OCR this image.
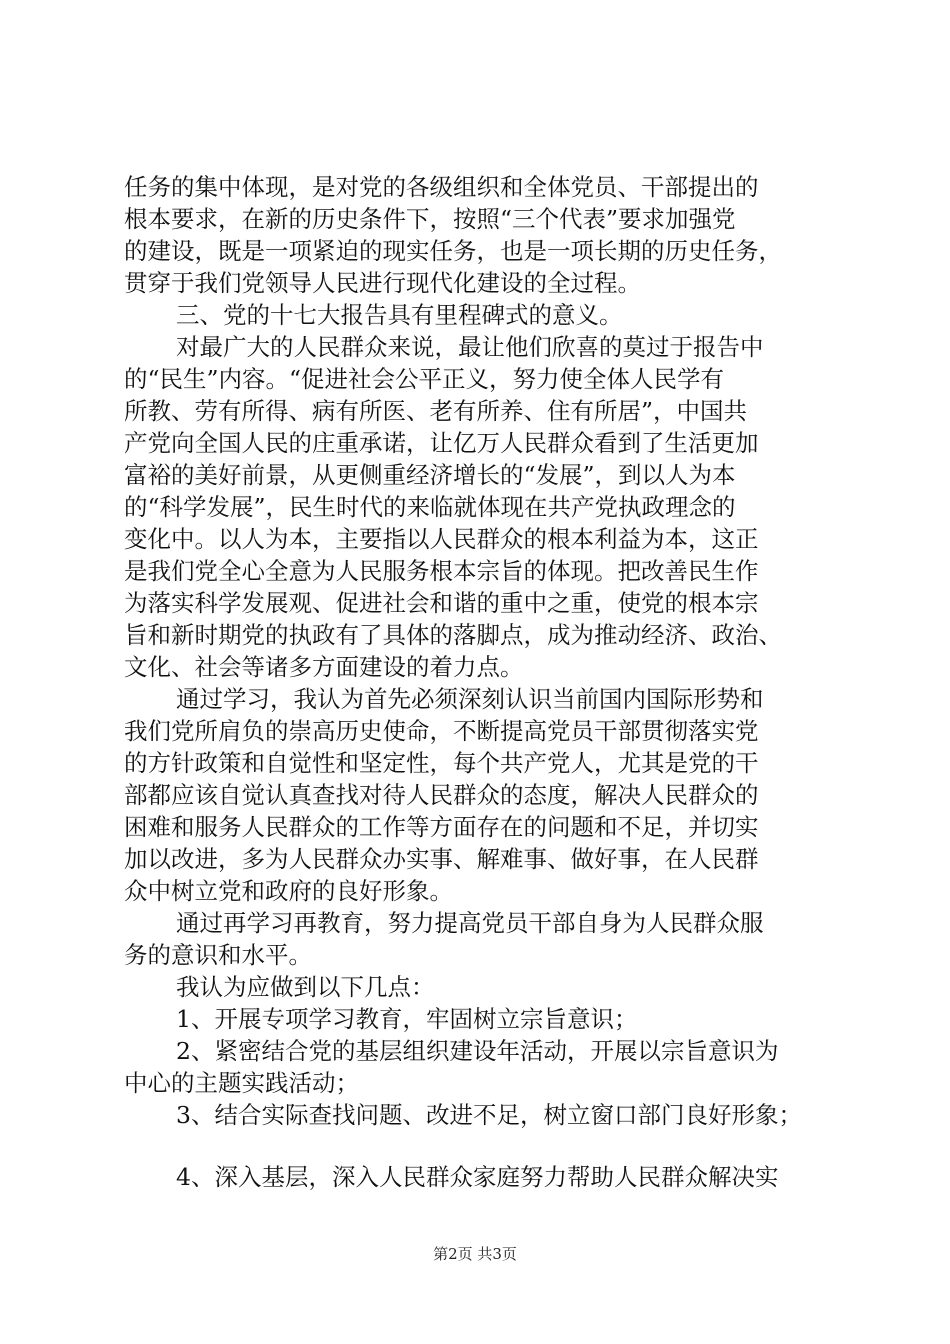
任务的集中体现，是对党的各级组织和全体党员、干部提出的
根本要求，在新的历史条件下，按照“三个代表”要求加强党
的建设，既是一项紧迫的现实任务，也是一项长期的历史任务，
贯穿于我们党领导人民进行现代化建设的全过程。
三、党的十七大报告具有里程碑式的意义。
对最广大的人民群众来说，最让他们欣喜的莫过于报告中
的“民生”内容。“促进社会公平正义，努力使全体人民学有
所教、劳有所得、病有所医、老有所养、住有所居”，中国共
产党向全国人民的庄重承诺，让亿万人民群众看到了生活更加
富裕的美好前景，从更侧重经济增长的“发展”，到以人为本
的“科学发展”，民生时代的来临就体现在共产党执政理念的
变化中。以人为本，主要指以人民群众的根本利益为本，这正
是我们党全心全意为人民服务根本宗旨的体现。把改善民生作
为落实科学发展观、促进社会和谐的重中之重，使党的根本宗
旨和新时期党的执政有了具体的落脚点，成为推动经济、政治、
文化、社会等诸多方面建设的着力点。
通过学习，我认为首先必须深刻认识当前国内国际形势和
我们党所肩负的崇高历史使命，不断提高党员干部贯彻落实党
的方针政策和自觉性和坚定性，每个共产党人，尤其是党的干
部都应该自觉认真查找对待人民群众的态度，解决人民群众的
困难和服务人民群众的工作等方面存在的问题和不足，并切实
加以改进，多为人民群众办实事、解难事、做好事，在人民群
众中树立党和政府的良好形象。
通过再学习再教育，努力提高党员干部自身为人民群众服
务的意识和水平。
我认为应做到以下几点：
1、开展专项学习教育，牢固树立宗旨意识；
2、紧密结合党的基层组织建设年活动，开展以宗旨意识为
中心的主题实践活动；
3、结合实际查找问题、改进不足，树立窗口部门良好形象；
4、深入基层，深入人民群众家庭努力帮助人民群众解决实
第2页 共3页
